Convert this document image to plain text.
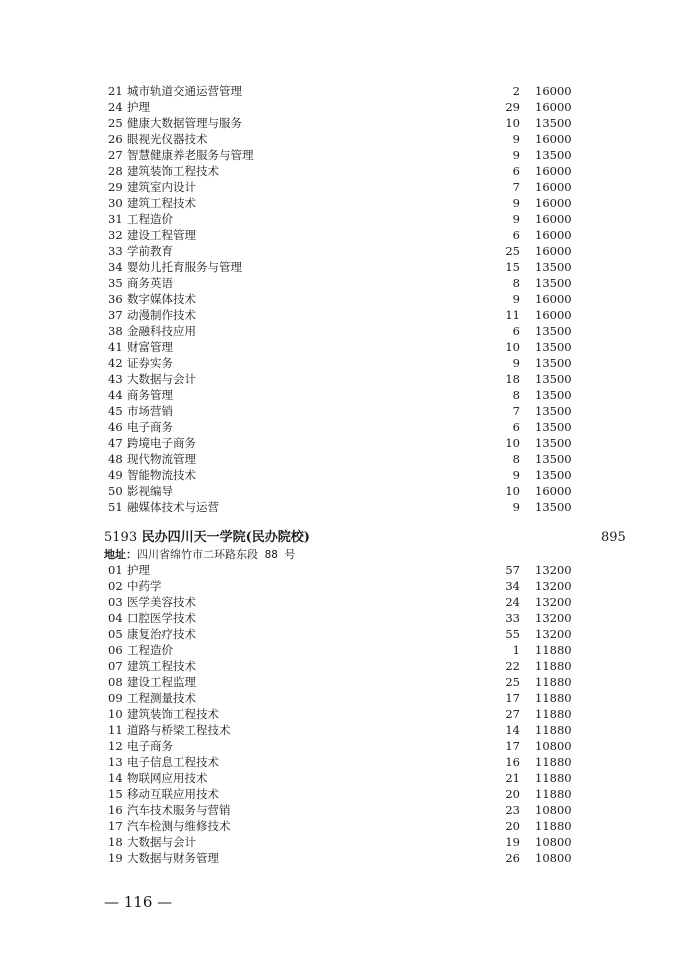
21 城市轨道交通运营管理	2 16000
24 护理	29 16000
25 健康大数据管理与服务	10 13500
26 眼视光仪器技术	9 16000
27 智慧健康养老服务与管理	9 13500
28 建筑装饰工程技术	6 16000
29 建筑室内设计	7 16000
30 建筑工程技术	9 16000
31 工程造价	9 16000
32 建设工程管理	6 16000
33 学前教育	25 16000
34 婴幼儿托育服务与管理	15 13500
35 商务英语	8 13500
36 数字媒体技术	9 16000
37 动漫制作技术	11 16000
38 金融科技应用	6 13500
41 财富管理	10 13500
42 证券实务	9 13500
43 大数据与会计	18 13500
44 商务管理	8 13500
45 市场营销	7 13500
46 电子商务	6 13500
47 跨境电子商务	10 13500
48 现代物流管理	8 13500
49 智能物流技术	9 13500
50 影视编导	10 16000
51 融媒体技术与运营	9 13500
5193 民办四川天一学院(民办院校)	895
地址：四川省绵竹市二环路东段 88 号
01 护理	57 13200
02 中药学	34 13200
03 医学美容技术	24 13200
04 口腔医学技术	33 13200
05 康复治疗技术	55 13200
06 工程造价	1 11880
07 建筑工程技术	22 11880
08 建设工程监理	25 11880
09 工程测量技术	17 11880
10 建筑装饰工程技术	27 11880
11 道路与桥梁工程技术	14 11880
12 电子商务	17 10800
13 电子信息工程技术	16 11880
14 物联网应用技术	21 11880
15 移动互联应用技术	20 11880
16 汽车技术服务与营销	23 10800
17 汽车检测与维修技术	20 11880
18 大数据与会计	19 10800
19 大数据与财务管理	26 10800
— 116 —
